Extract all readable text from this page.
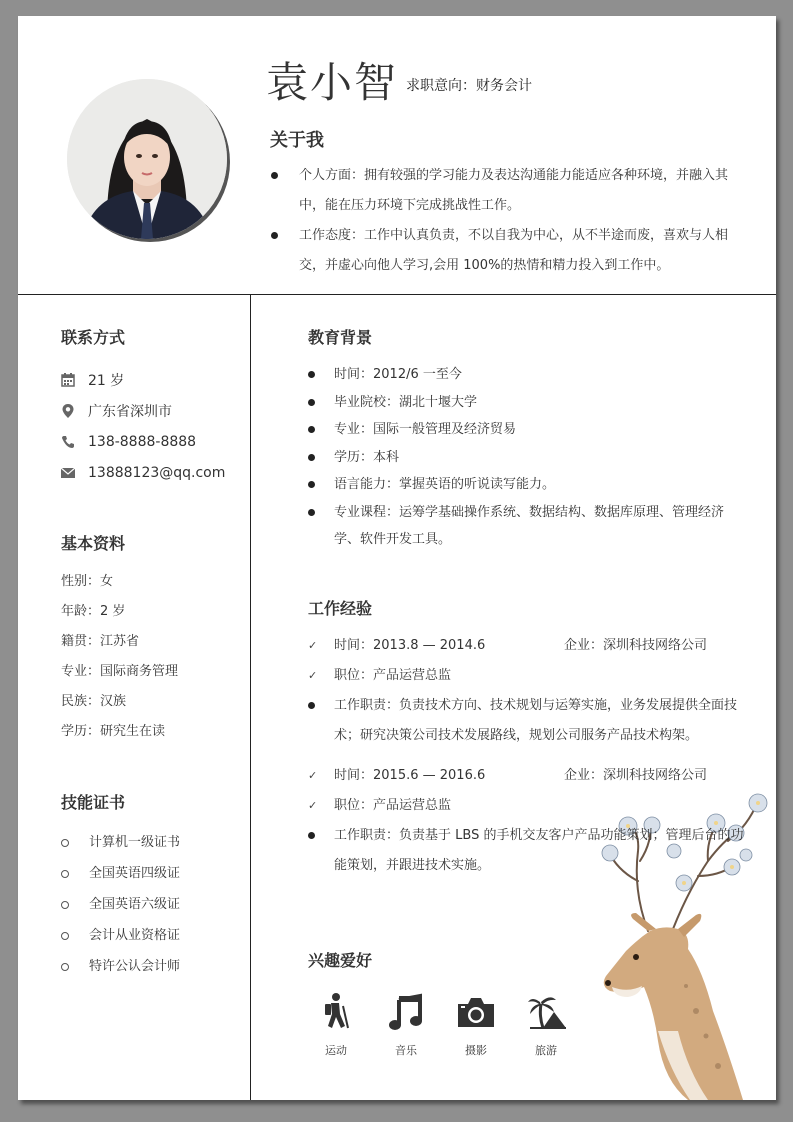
袁小智 求职意向：财务会计
关于我
个人方面：拥有较强的学习能力及表达沟通能力能适应各种环境，并融入其中，能在压力环境下完成挑战性工作。
工作态度：工作中认真负责，不以自我为中心，从不半途而废，喜欢与人相交，并虚心向他人学习,会用 100%的热情和精力投入到工作中。
联系方式
21 岁
广东省深圳市
138-8888-8888
13888123@qq.com
基本资料
性别：女
年龄：2 岁
籍贯：江苏省
专业：国际商务管理
民族：汉族
学历：研究生在读
技能证书
计算机一级证书
全国英语四级证
全国英语六级证
会计从业资格证
特许公认会计师
教育背景
时间：2012/6 一至今
毕业院校：湖北十堰大学
专业：国际一般管理及经济贸易
学历：本科
语言能力：掌握英语的听说读写能力。
专业课程：运筹学基础操作系统、数据结构、数据库原理、管理经济学、软件开发工具。
工作经验
✓ 时间：2013.8 — 2014.6	企业：深圳科技网络公司
✓ 职位：产品运营总监
工作职责：负责技术方向、技术规划与运筹实施，业务发展提供全面技术；研究决策公司技术发展路线，规划公司服务产品技术构架。
✓ 时间：2015.6 — 2016.6	企业：深圳科技网络公司
✓ 职位：产品运营总监
工作职责：负责基于 LBS 的手机交友客户产品功能策划；管理后台的功能策划，并跟进技术实施。
兴趣爱好
运动	音乐	摄影	旅游
